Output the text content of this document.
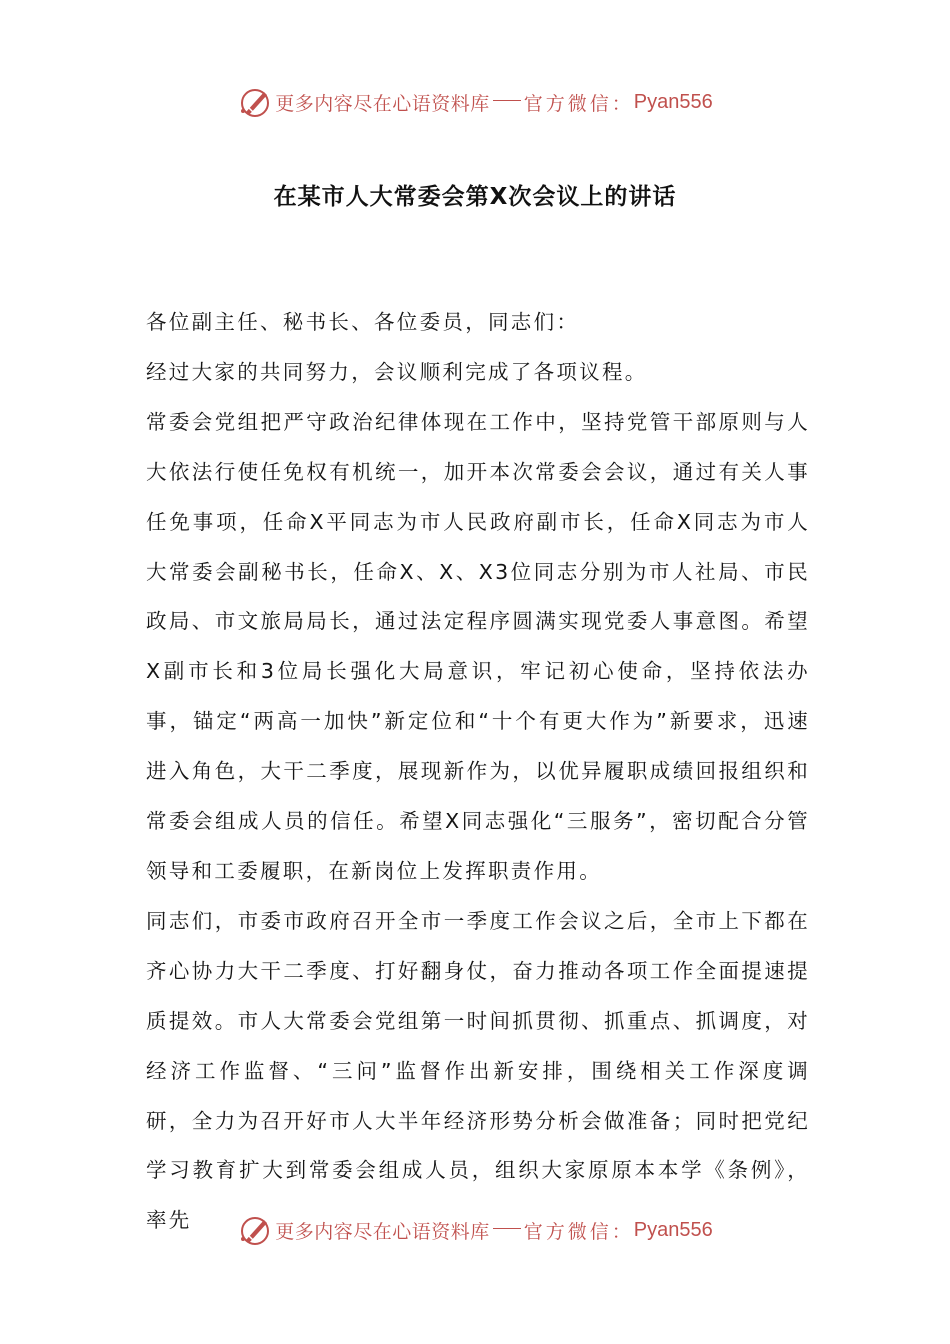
更多内容尽在心语资料库 官方微信： Pyan556
在某市人大常委会第X次会议上的讲话

各位副主任、秘书长、各位委员，同志们：

经过大家的共同努力，会议顺利完成了各项议程。

常委会党组把严守政治纪律体现在工作中，坚持党管干部原则与人大依法行使任免权有机统一，加开本次常委会会议，通过有关人事任免事项，任命X平同志为市人民政府副市长，任命X同志为市人大常委会副秘书长，任命X、X、X3位同志分别为市人社局、市民政局、市文旅局局长，通过法定程序圆满实现党委人事意图。希望X副市长和3位局长强化大局意识，牢记初心使命，坚持依法办事，锚定“两高一加快”新定位和“十个有更大作为”新要求，迅速进入角色，大干二季度，展现新作为，以优异履职成绩回报组织和常委会组成人员的信任。希望X同志强化“三服务”，密切配合分管领导和工委履职，在新岗位上发挥职责作用。

同志们，市委市政府召开全市一季度工作会议之后，全市上下都在齐心协力大干二季度、打好翻身仗，奋力推动各项工作全面提速提质提效。市人大常委会党组第一时间抓贯彻、抓重点、抓调度，对经济工作监督、“三问”监督作出新安排，围绕相关工作深度调研，全力为召开好市人大半年经济形势分析会做准备；同时把党纪学习教育扩大到常委会组成人员，组织大家原原本本学《条例》，率先	更多内容尽在心语资料库 官方微信： Pyan556
